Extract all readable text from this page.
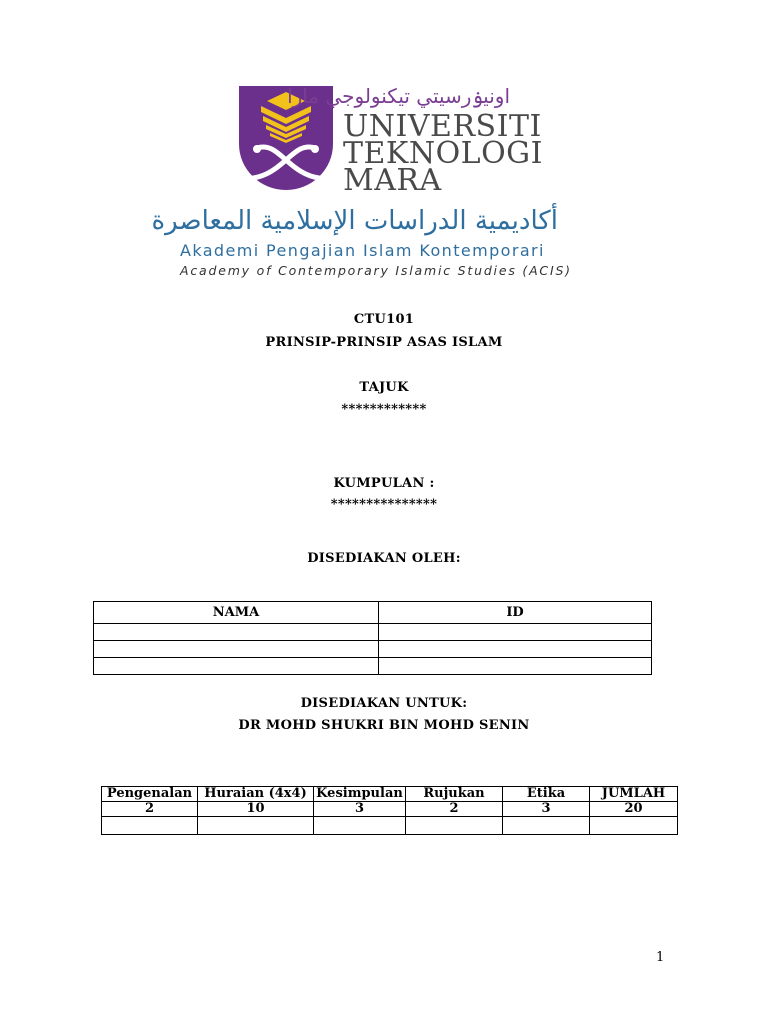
اونيۏرسيتي تيكنولوجي مارا
UNIVERSITI
TEKNOLOGI
MARA
أكاديمية الدراسات الإسلامية المعاصرة
Akademi Pengajian Islam Kontemporari
Academy of Contemporary Islamic Studies (ACIS)
CTU101
PRINSIP-PRINSIP ASAS ISLAM
TAJUK
************
KUMPULAN :
***************
DISEDIAKAN OLEH:
NAMA	ID

DISEDIAKAN UNTUK:
DR MOHD SHUKRI BIN MOHD SENIN
Pengenalan	Huraian (4x4)	Kesimpulan	Rujukan	Etika	JUMLAH
2	10	3	2	3	20

1
